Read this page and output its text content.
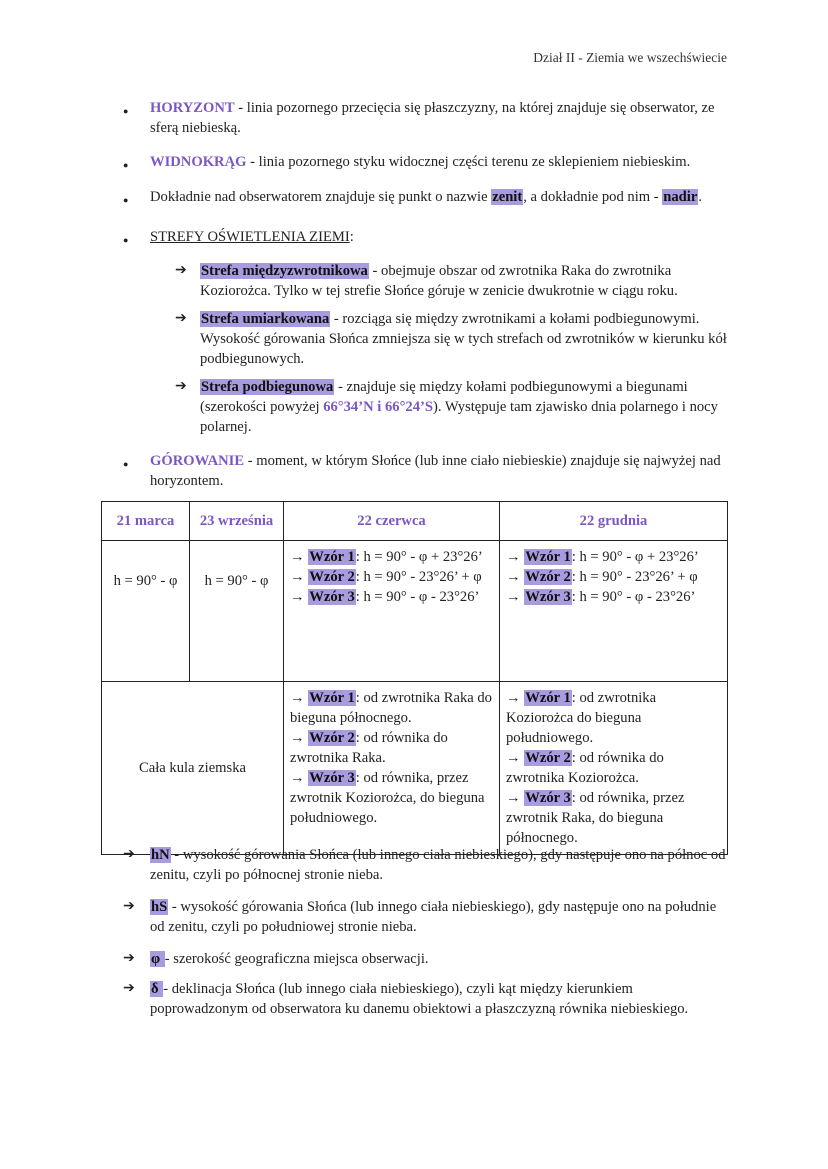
Dział II - Ziemia we wszechświecie
● HORYZONT - linia pozornego przecięcia się płaszczyzny, na której znajduje się obserwator, ze sferą niebieską.
● WIDNOKRĄG - linia pozornego styku widocznej części terenu ze sklepieniem niebieskim.
● Dokładnie nad obserwatorem znajduje się punkt o nazwie zenit, a dokładnie pod nim - nadir.
● STREFY OŚWIETLENIA ZIEMI:
➔ Strefa międzyzwrotnikowa - obejmuje obszar od zwrotnika Raka do zwrotnika Koziorożca. Tylko w tej strefie Słońce góruje w zenicie dwukrotnie w ciągu roku.
➔ Strefa umiarkowana - rozciąga się między zwrotnikami a kołami podbiegunowymi. Wysokość górowania Słońca zmniejsza się w tych strefach od zwrotników w kierunku kół podbiegunowych.
➔ Strefa podbiegunowa - znajduje się między kołami podbiegunowymi a biegunami (szerokości powyżej 66°34’N i 66°24’S). Występuje tam zjawisko dnia polarnego i nocy polarnej.
● GÓROWANIE - moment, w którym Słońce (lub inne ciało niebieskie) znajduje się najwyżej nad horyzontem.
21 marca	23 września	22 czerwca	22 grudnia
h = 90° - φ	h = 90° - φ	→ Wzór 1: h = 90° - φ + 23°26’
→ Wzór 2: h = 90° - 23°26’ + φ
→ Wzór 3: h = 90° - φ - 23°26’	→ Wzór 1: h = 90° - φ + 23°26’
→ Wzór 2: h = 90° - 23°26’ + φ
→ Wzór 3: h = 90° - φ - 23°26’

Cała kula ziemska		→ Wzór 1: od zwrotnika Raka do bieguna północnego.
→ Wzór 2: od równika do zwrotnika Raka.
→ Wzór 3: od równika, przez zwrotnik Koziorożca, do bieguna południowego.	→ Wzór 1: od zwrotnika Koziorożca do bieguna południowego.
→ Wzór 2: od równika do zwrotnika Koziorożca.
→ Wzór 3: od równika, przez zwrotnik Raka, do bieguna północnego.
➔ hN - wysokość górowania Słońca (lub innego ciała niebieskiego), gdy następuje ono na północ od zenitu, czyli po północnej stronie nieba.
➔ hS - wysokość górowania Słońca (lub innego ciała niebieskiego), gdy następuje ono na południe od zenitu, czyli po południowej stronie nieba.
➔ φ - szerokość geograficzna miejsca obserwacji.
➔ δ - deklinacja Słońca (lub innego ciała niebieskiego), czyli kąt między kierunkiem poprowadzonym od obserwatora ku danemu obiektowi a płaszczyzną równika niebieskiego.
